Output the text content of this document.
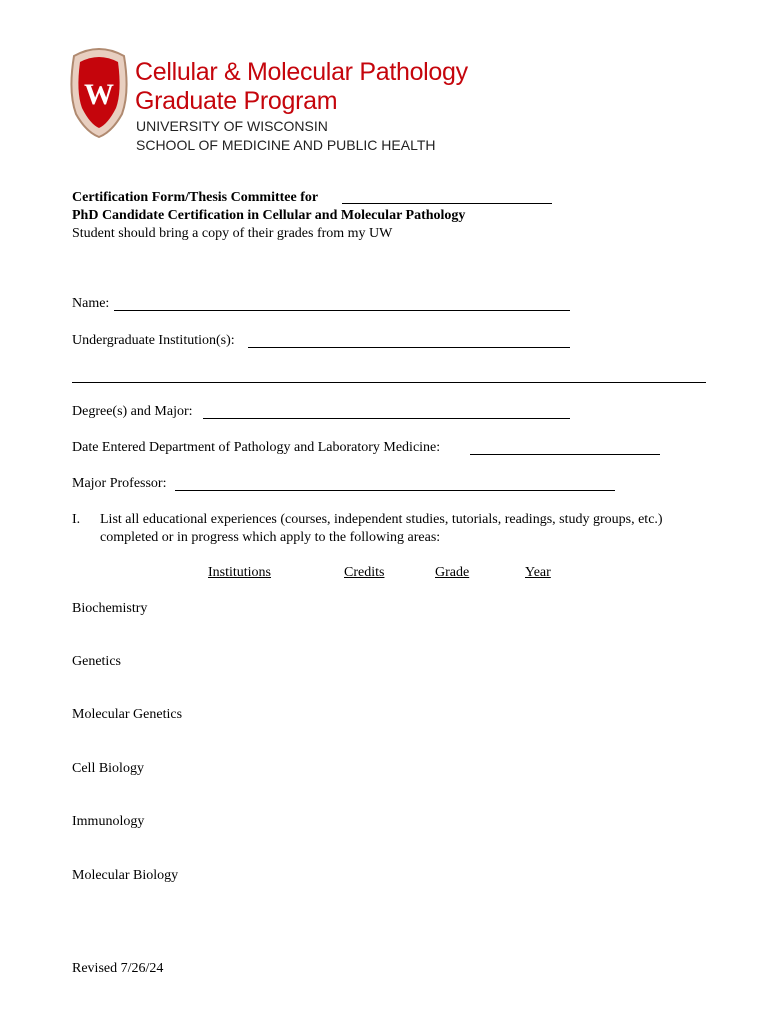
W
Cellular & Molecular Pathology
Graduate Program
UNIVERSITY OF WISCONSIN
SCHOOL OF MEDICINE AND PUBLIC HEALTH
Certification Form/Thesis Committee for
PhD Candidate Certification in Cellular and Molecular Pathology
Student should bring a copy of their grades from my UW
Name:
Undergraduate Institution(s):
Degree(s) and Major:
Date Entered Department of Pathology and Laboratory Medicine:
Major Professor:
I. List all educational experiences (courses, independent studies, tutorials, readings, study groups, etc.)
completed or in progress which apply to the following areas:
Institutions	Credits	Grade	Year
Biochemistry
Genetics
Molecular Genetics
Cell Biology
Immunology
Molecular Biology
Revised 7/26/24
